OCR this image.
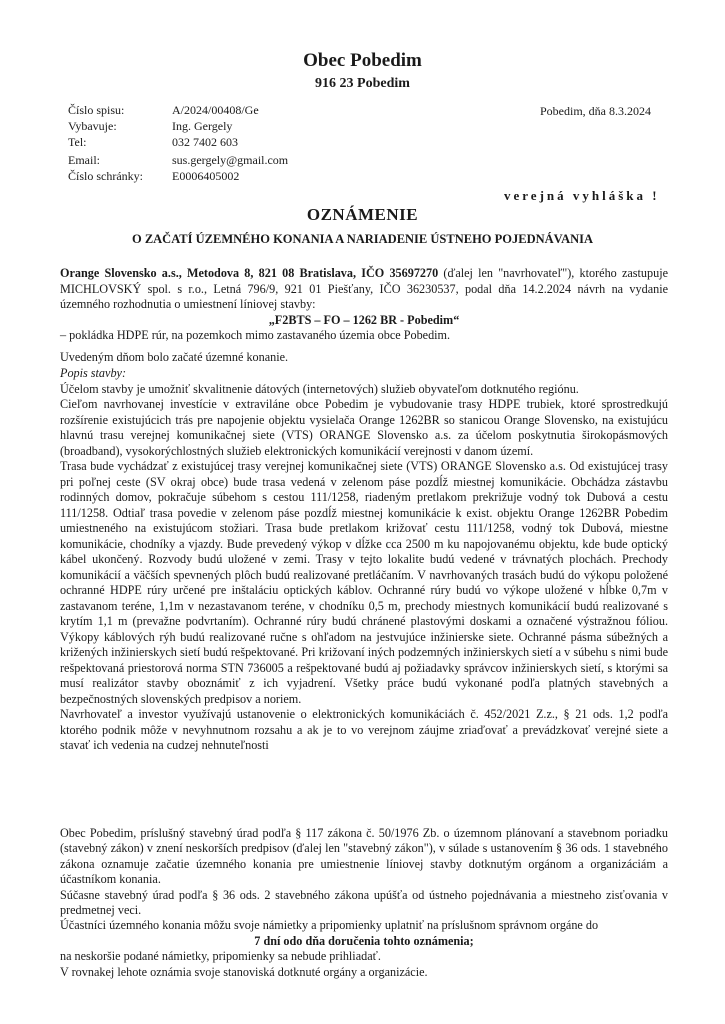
Obec Pobedim
916 23 Pobedim
Číslo spisu:
Vybavuje:
Tel:
Email:
Číslo schránky:
A/2024/00408/Ge
Ing. Gergely
032 7402 603
sus.gergely@gmail.com
E0006405002
Pobedim, dňa 8.3.2024
verejná vyhláška !
OZNÁMENIE
O ZAČATÍ ÚZEMNÉHO KONANIA A NARIADENIE ÚSTNEHO POJEDNÁVANIA

Orange Slovensko a.s., Metodova 8, 821 08 Bratislava, IČO 35697270 (ďalej len "navrhovateľ"), ktorého zastupuje MICHLOVSKÝ spol. s r.o., Letná 796/9, 921 01 Piešťany, IČO 36230537, podal dňa 14.2.2024 návrh na vydanie územného rozhodnutia o umiestnení líniovej stavby:

„F2BTS – FO – 1262 BR - Pobedim“

– pokládka HDPE rúr, na pozemkoch mimo zastavaného územia obce Pobedim.

Uvedeným dňom bolo začaté územné konanie.

Popis stavby:

Účelom stavby je umožniť skvalitnenie dátových (internetových) služieb obyvateľom dotknutého regiónu.

Cieľom navrhovanej investície v extraviláne obce Pobedim je vybudovanie trasy HDPE trubiek, ktoré sprostredkujú rozšírenie existujúcich trás pre napojenie objektu vysielača Orange 1262BR so stanicou Orange Slovensko, na existujúcu hlavnú trasu verejnej komunikačnej siete (VTS) ORANGE Slovensko a.s. za účelom poskytnutia širokopásmových (broadband), vysokorýchlostných služieb elektronických komunikácií verejnosti v danom území.

Trasa bude vychádzať z existujúcej trasy verejnej komunikačnej siete (VTS) ORANGE Slovensko a.s. Od existujúcej trasy pri poľnej ceste (SV okraj obce) bude trasa vedená v zelenom páse pozdĺž miestnej komunikácie. Obchádza zástavbu rodinných domov, pokračuje súbehom s cestou 111/1258, riadeným pretlakom prekrižuje vodný tok Dubová a cestu 111/1258. Odtiaľ trasa povedie v zelenom páse pozdĺž miestnej komunikácie k exist. objektu Orange 1262BR Pobedim umiestneného na existujúcom stožiari. Trasa bude pretlakom križovať cestu 111/1258, vodný tok Dubová, miestne komunikácie, chodníky a vjazdy. Bude prevedený výkop v dĺžke cca 2500 m ku napojovanému objektu, kde bude optický kábel ukončený. Rozvody budú uložené v zemi. Trasy v tejto lokalite budú vedené v trávnatých plochách. Prechody komunikácií a väčších spevnených plôch budú realizované pretláčaním. V navrhovaných trasách budú do výkopu položené ochranné HDPE rúry určené pre inštaláciu optických káblov. Ochranné rúry budú vo výkope uložené v hĺbke 0,7m v zastavanom teréne, 1,1m v nezastavanom teréne, v chodníku 0,5 m, prechody miestnych komunikácií budú realizované s krytím 1,1 m (prevažne podvrtaním). Ochranné rúry budú chránené plastovými doskami a označené výstražnou fóliou. Výkopy káblových rýh budú realizované ručne s ohľadom na jestvujúce inžinierske siete. Ochranné pásma súbežných a križených inžinierskych sietí budú rešpektované. Pri križovaní iných podzemných inžinierskych sietí a v súbehu s nimi bude rešpektovaná priestorová norma STN 736005 a rešpektované budú aj požiadavky správcov inžinierskych sietí, s ktorými sa musí realizátor stavby oboznámiť z ich vyjadrení. Všetky práce budú vykonané podľa platných stavebných a bezpečnostných slovenských predpisov a noriem.

Navrhovateľ a investor využívajú ustanovenie o elektronických komunikáciách č. 452/2021 Z.z., § 21 ods. 1,2 podľa ktorého podnik môže v nevyhnutnom rozsahu a ak je to vo verejnom záujme zriaďovať a prevádzkovať verejné siete a stavať ich vedenia na cudzej nehnuteľnosti

Obec Pobedim, príslušný stavebný úrad podľa § 117 zákona č. 50/1976 Zb. o územnom plánovaní a stavebnom poriadku (stavebný zákon) v znení neskorších predpisov (ďalej len "stavebný zákon"), v súlade s ustanovením § 36 ods. 1 stavebného zákona oznamuje začatie územného konania pre umiestnenie líniovej stavby dotknutým orgánom a organizáciám a účastníkom konania.

Súčasne stavebný úrad podľa § 36 ods. 2 stavebného zákona upúšťa od ústneho pojednávania a miestneho zisťovania v predmetnej veci.

Účastníci územného konania môžu svoje námietky a pripomienky uplatniť na príslušnom správnom orgáne do

7 dní odo dňa doručenia tohto oznámenia;

na neskoršie podané námietky, pripomienky sa nebude prihliadať.

V rovnakej lehote oznámia svoje stanoviská dotknuté orgány a organizácie.
